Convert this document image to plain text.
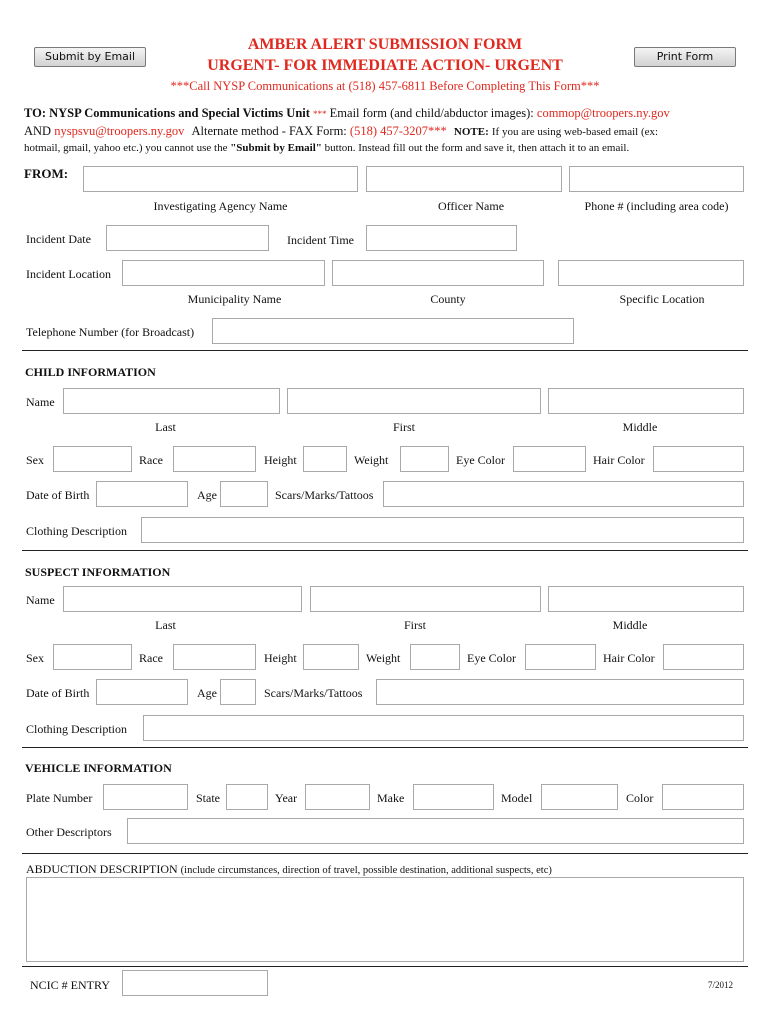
Submit by Email	Print Form
AMBER ALERT SUBMISSION FORM
URGENT- FOR IMMEDIATE ACTION- URGENT
***Call NYSP Communications at (518) 457-6811 Before Completing This Form***
TO: NYSP Communications and Special Victims Unit *** Email form (and child/abductor images): commop@troopers.ny.gov
AND nyspsvu@troopers.ny.gov Alternate method - FAX Form: (518) 457-3207*** NOTE: If you are using web-based email (ex:
hotmail, gmail, yahoo etc.) you cannot use the "Submit by Email" button. Instead fill out the form and save it, then attach it to an email.
FROM:
Investigating Agency Name	Officer Name	Phone # (including area code)
Incident Date	Incident Time
Incident Location
Municipality Name	County	Specific Location
Telephone Number (for Broadcast)
CHILD INFORMATION
Name
Last	First	Middle
Sex	Race	Height	Weight	Eye Color	Hair Color
Date of Birth	Age	Scars/Marks/Tattoos
Clothing Description
SUSPECT INFORMATION
Name
Last	First	Middle
Sex	Race	Height	Weight	Eye Color	Hair Color
Date of Birth	Age	Scars/Marks/Tattoos
Clothing Description
VEHICLE INFORMATION
Plate Number	State	Year	Make	Model	Color
Other Descriptors
ABDUCTION DESCRIPTION (include circumstances, direction of travel, possible destination, additional suspects, etc)
NCIC # ENTRY	7/2012
